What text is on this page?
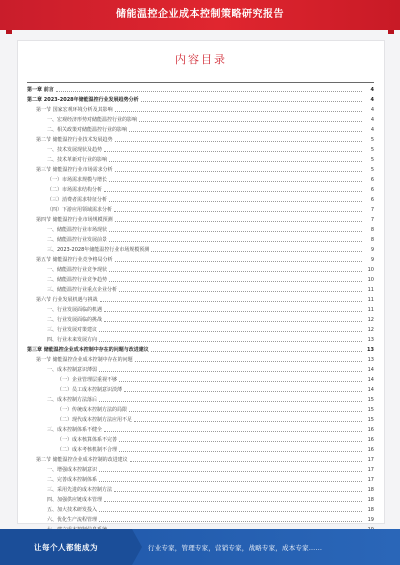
储能温控企业成本控制策略研究报告
内容目录
第一章 前言	4
第二章 2023-2028年储能温控行业发展趋势分析	4
第一节 国家宏观环境分析及其影响	4
一、宏观经济形势对储能温控行业的影响	4
二、相关政策对储能温控行业的影响	4
第二节 储能温控行业技术发展趋势	5
一、技术发展现状及趋势	5
二、技术革新对行业的影响	5
第三节 储能温控行业市场需求分析	5
（一）市场需求规模与增长	6
（二）市场需求结构分析	6
（三）消费者需求特征分析	6
（四）下游应用领域需求分析	7
第四节 储能温控行业市场规模预测	7
一、储能温控行业市场现状	8
二、储能温控行业发展前景	8
三、2023-2028年储能温控行业市场规模预测	9
第五节 储能温控行业竞争格局分析	9
一、储能温控行业竞争现状	10
二、储能温控行业竞争趋势	10
三、储能温控行业重点企业分析	11
第六节 行业发展机遇与挑战	11
一、行业发展面临的机遇	11
二、行业发展面临的挑战	12
三、行业发展对策建议	12
四、行业未来发展方向	13
第三章 储能温控企业成本控制中存在的问题与改进建议	13
第一节 储能温控企业成本控制中存在的问题	13
一、成本控制意识薄弱	14
（一）企业管理层重视不够	14
（二）员工成本控制意识淡薄	14
二、成本控制方法落后	15
（一）传统成本控制方法的局限	15
（二）现代成本控制方法应用不足	15
三、成本控制体系不健全	16
（一）成本核算体系不完善	16
（二）成本考核机制不合理	16
第二节 储能温控企业成本控制的改进建议	17
一、增强成本控制意识	17
二、完善成本控制体系	17
三、采用先进的成本控制方法	18
四、加强供应链成本管理	18
五、加大技术研发投入	18
六、优化生产流程管理	19
让每个人都能成为	行业专家，管理专家，营销专家，战略专家，成本专家……
